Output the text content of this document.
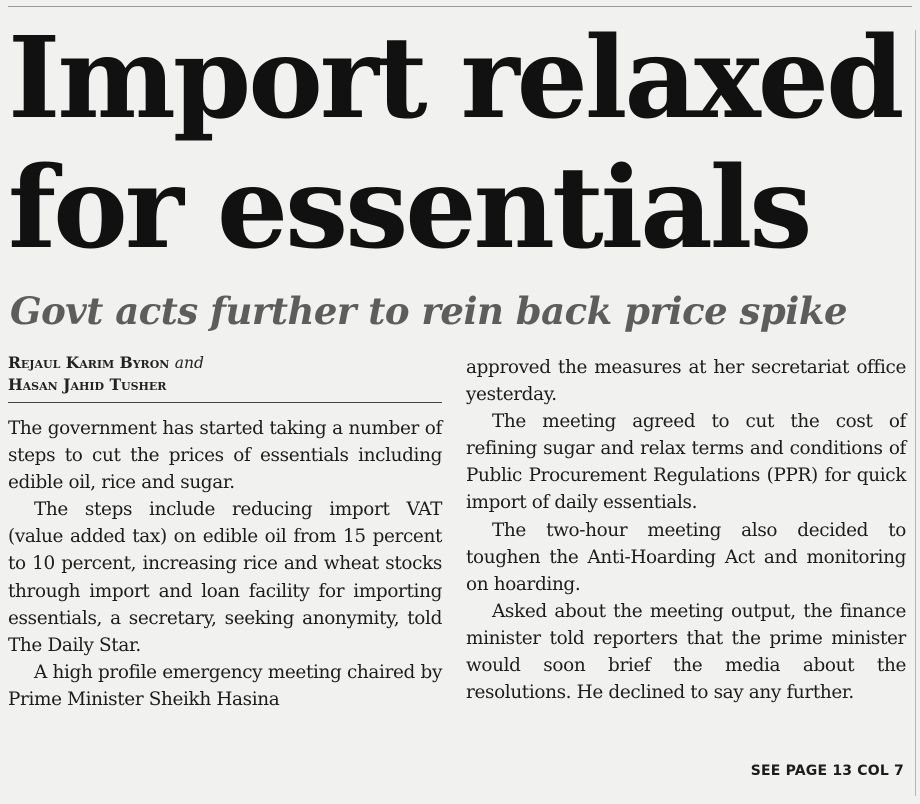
Import relaxed for essentials
Govt acts further to rein back price spike
Rejaul Karim Byron and
Hasan Jahid Tusher

The government has started taking a number of steps to cut the prices of essentials including edible oil, rice and sugar.

The steps include reducing import VAT (value added tax) on edible oil from 15 percent to 10 percent, increasing rice and wheat stocks through import and loan facility for importing essentials, a secretary, seeking anonymity, told The Daily Star.

A high profile emergency meeting chaired by Prime Minister Sheikh Hasina

approved the measures at her secretariat office yesterday.

The meeting agreed to cut the cost of refining sugar and relax terms and conditions of Public Procurement Regulations (PPR) for quick import of daily essentials.

The two-hour meeting also decided to toughen the Anti-Hoarding Act and monitoring on hoarding.

Asked about the meeting output, the finance minister told reporters that the prime minister would soon brief the media about the resolutions. He declined to say any further.

SEE PAGE 13 COL 7
